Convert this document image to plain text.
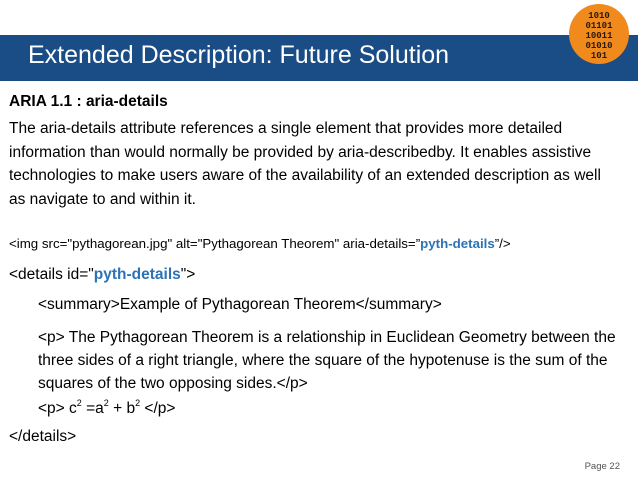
Extended Description: Future Solution
1010
01101
10011
01010
101
ARIA 1.1 : aria-details
The aria-details attribute references a single element that provides more detailed information than would normally be provided by aria-describedby. It enables assistive technologies to make users aware of the availability of an extended description as well as navigate to and within it.
<img src="pythagorean.jpg" alt="Pythagorean Theorem" aria-details=”pyth-details”/>
<details id="pyth-details">
<summary>Example of Pythagorean Theorem</summary>
<p> The Pythagorean Theorem is a relationship in Euclidean Geometry between the three sides of a right triangle, where the square of the hypotenuse is the sum of the squares of the two opposing sides.</p>
$<p> c^2 =a^2 + b^2 </p>$
</details>
Page 22
